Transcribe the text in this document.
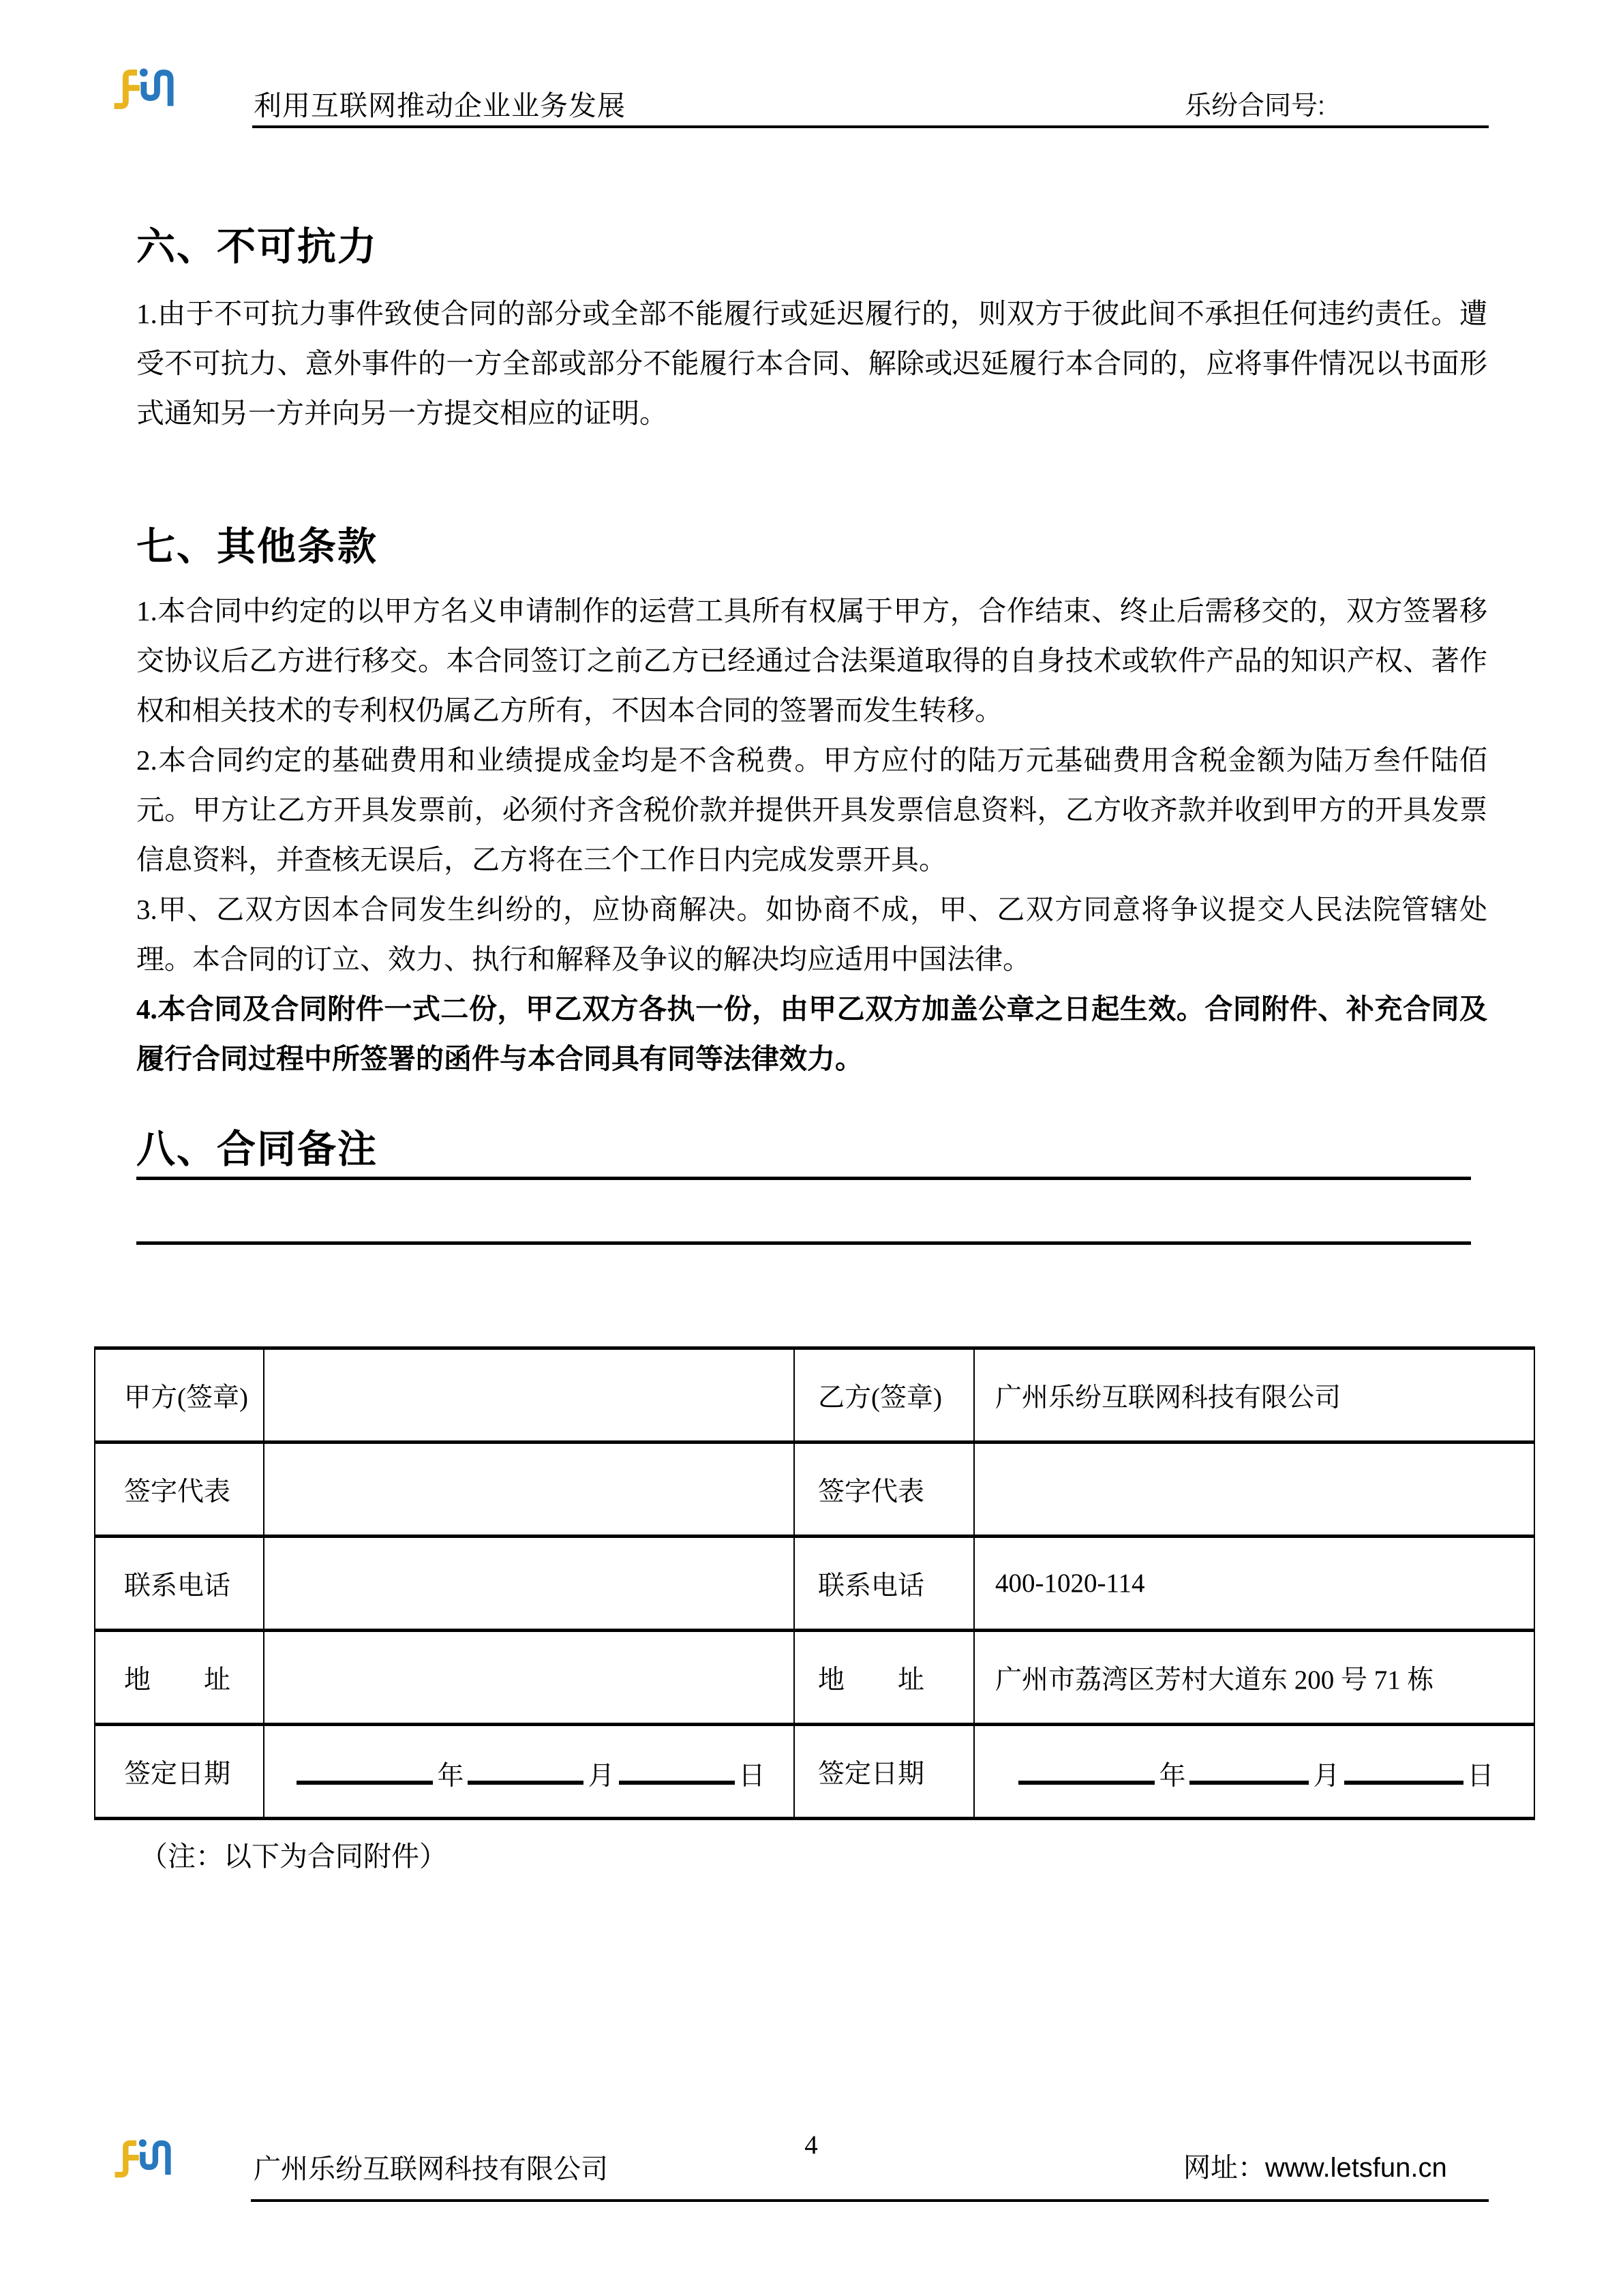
利用互联网推动企业业务发展	乐纷合同号:
六、不可抗力

1.由于不可抗力事件致使合同的部分或全部不能履行或延迟履行的，则双方于彼此间不承担任何违约责任。遭受不可抗力、意外事件的一方全部或部分不能履行本合同、解除或迟延履行本合同的，应将事件情况以书面形式通知另一方并向另一方提交相应的证明。

七、其他条款

1.本合同中约定的以甲方名义申请制作的运营工具所有权属于甲方，合作结束、终止后需移交的，双方签署移交协议后乙方进行移交。本合同签订之前乙方已经通过合法渠道取得的自身技术或软件产品的知识产权、著作权和相关技术的专利权仍属乙方所有，不因本合同的签署而发生转移。

2.本合同约定的基础费用和业绩提成金均是不含税费。甲方应付的陆万元基础费用含税金额为陆万叁仟陆佰元。甲方让乙方开具发票前，必须付齐含税价款并提供开具发票信息资料，乙方收齐款并收到甲方的开具发票信息资料，并查核无误后，乙方将在三个工作日内完成发票开具。

3.甲、乙双方因本合同发生纠纷的，应协商解决。如协商不成，甲、乙双方同意将争议提交人民法院管辖处理。本合同的订立、效力、执行和解释及争议的解决均应适用中国法律。

4.本合同及合同附件一式二份，甲乙双方各执一份，由甲乙双方加盖公章之日起生效。合同附件、补充合同及履行合同过程中所签署的函件与本合同具有同等法律效力。

八、合同备注
甲方(签章)		乙方(签章)	广州乐纷互联网科技有限公司
签字代表		签字代表	
联系电话		联系电话	400-1020-114
地　　址		地　　址	广州市荔湾区芳村大道东 200 号 71 栋
签定日期	年 月 日	签定日期	年 月 日
（注：以下为合同附件）
广州乐纷互联网科技有限公司
4
网址：www.letsfun.cn
